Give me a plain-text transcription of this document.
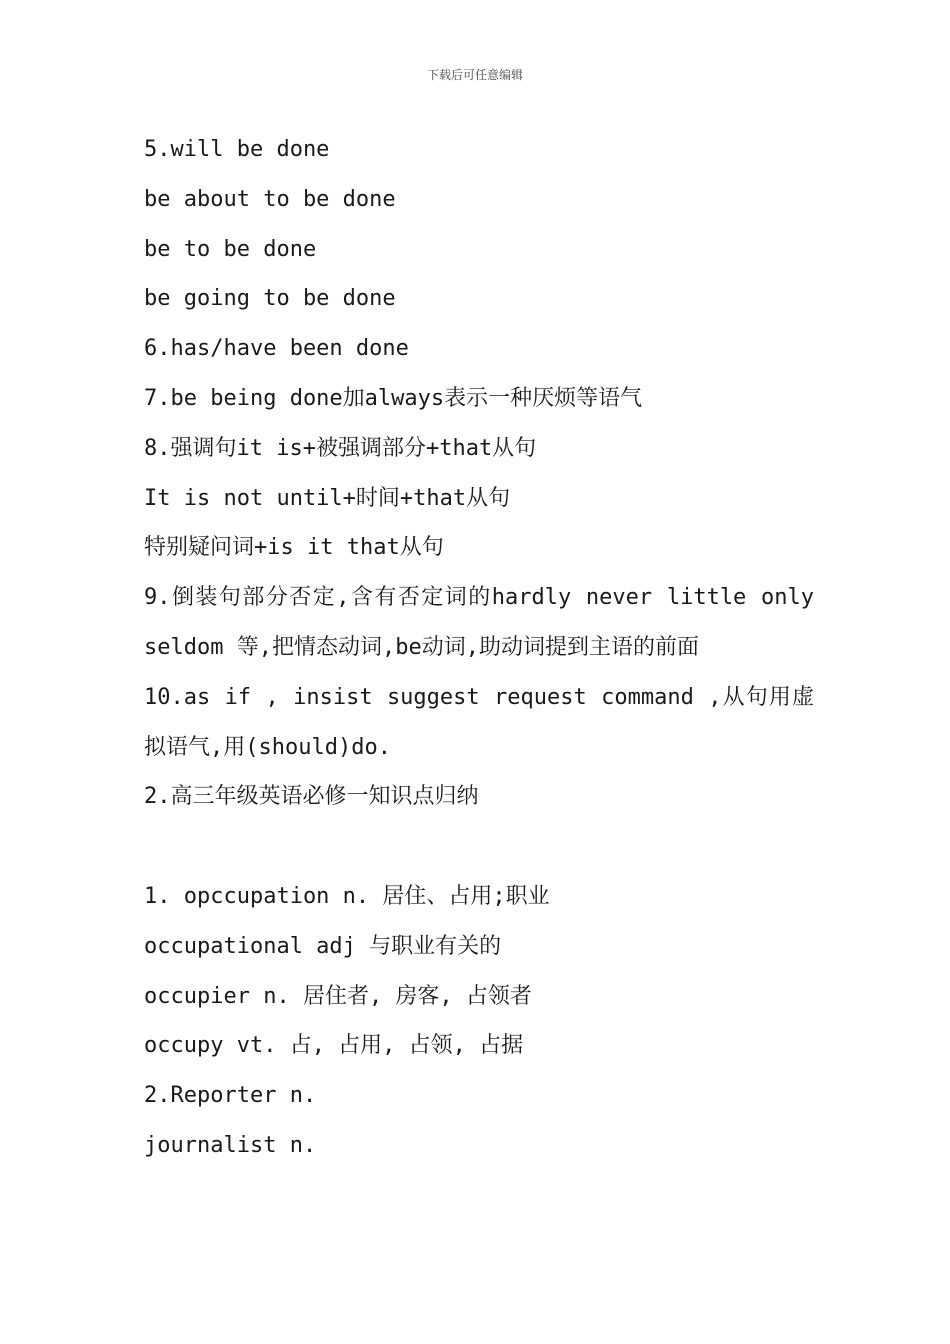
下载后可任意编辑
5.will be done
be about to be done
be to be done
be going to be done
6.has/have been done
7.be being done加always表示一种厌烦等语气
8.强调句it is+被强调部分+that从句
It is not until+时间+that从句
特别疑问词+is it that从句
9.倒装句部分否定,含有否定词的hardly never little only seldom 等,把情态动词,be动词,助动词提到主语的前面
10.as if , insist suggest request command ,从句用虚拟语气,用(should)do.
2.高三年级英语必修一知识点归纳
1. opccupation n. 居住、占用;职业
occupational adj 与职业有关的
occupier n. 居住者, 房客, 占领者
occupy vt. 占, 占用, 占领, 占据
2.Reporter n.
journalist n.
